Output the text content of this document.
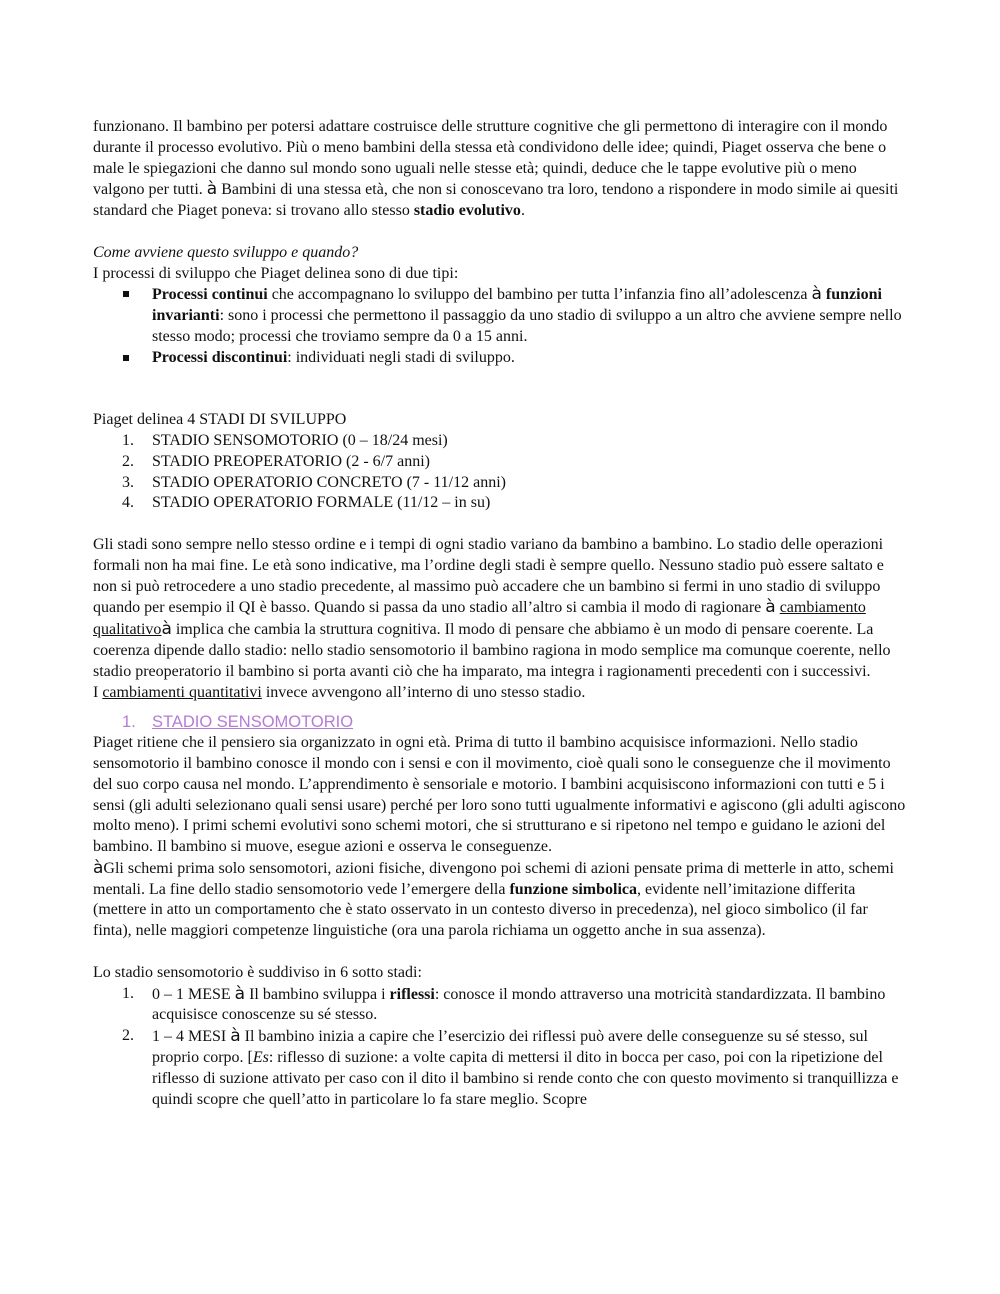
funzionano. Il bambino per potersi adattare costruisce delle strutture cognitive che gli permettono di interagire con il mondo durante il processo evolutivo. Più o meno bambini della stessa età condividono delle idee; quindi, Piaget osserva che bene o male le spiegazioni che danno sul mondo sono uguali nelle stesse età; quindi, deduce che le tappe evolutive più o meno valgono per tutti. à Bambini di una stessa età, che non si conoscevano tra loro, tendono a rispondere in modo simile ai quesiti standard che Piaget poneva: si trovano allo stesso stadio evolutivo.

Come avviene questo sviluppo e quando?

I processi di sviluppo che Piaget delinea sono di due tipi:

Processi continui che accompagnano lo sviluppo del bambino per tutta l’infanzia fino all’adolescenza à funzioni invarianti: sono i processi che permettono il passaggio da uno stadio di sviluppo a un altro che avviene sempre nello stesso modo; processi che troviamo sempre da 0 a 15 anni.
Processi discontinui: individuati negli stadi di sviluppo.

Piaget delinea 4 STADI DI SVILUPPO

1. STADIO SENSOMOTORIO (0 – 18/24 mesi)
2. STADIO PREOPERATORIO (2 - 6/7 anni)
3. STADIO OPERATORIO CONCRETO (7 - 11/12 anni)
4. STADIO OPERATORIO FORMALE (11/12 – in su)

Gli stadi sono sempre nello stesso ordine e i tempi di ogni stadio variano da bambino a bambino. Lo stadio delle operazioni formali non ha mai fine. Le età sono indicative, ma l’ordine degli stadi è sempre quello. Nessuno stadio può essere saltato e non si può retrocedere a uno stadio precedente, al massimo può accadere che un bambino si fermi in uno stadio di sviluppo quando per esempio il QI è basso. Quando si passa da uno stadio all’altro si cambia il modo di ragionare à cambiamento qualitativoà implica che cambia la struttura cognitiva. Il modo di pensare che abbiamo è un modo di pensare coerente. La coerenza dipende dallo stadio: nello stadio sensomotorio il bambino ragiona in modo semplice ma comunque coerente, nello stadio preoperatorio il bambino si porta avanti ciò che ha imparato, ma integra i ragionamenti precedenti con i successivi.

I cambiamenti quantitativi invece avvengono all’interno di uno stesso stadio.

1. STADIO SENSOMOTORIO

Piaget ritiene che il pensiero sia organizzato in ogni età. Prima di tutto il bambino acquisisce informazioni. Nello stadio sensomotorio il bambino conosce il mondo con i sensi e con il movimento, cioè quali sono le conseguenze che il movimento del suo corpo causa nel mondo. L’apprendimento è sensoriale e motorio. I bambini acquisiscono informazioni con tutti e 5 i sensi (gli adulti selezionano quali sensi usare) perché per loro sono tutti ugualmente informativi e agiscono (gli adulti agiscono molto meno). I primi schemi evolutivi sono schemi motori, che si strutturano e si ripetono nel tempo e guidano le azioni del bambino. Il bambino si muove, esegue azioni e osserva le conseguenze.

àGli schemi prima solo sensomotori, azioni fisiche, divengono poi schemi di azioni pensate prima di metterle in atto, schemi mentali. La fine dello stadio sensomotorio vede l’emergere della funzione simbolica, evidente nell’imitazione differita (mettere in atto un comportamento che è stato osservato in un contesto diverso in precedenza), nel gioco simbolico (il far finta), nelle maggiori competenze linguistiche (ora una parola richiama un oggetto anche in sua assenza).

Lo stadio sensomotorio è suddiviso in 6 sotto stadi:

1. 0 – 1 MESE à Il bambino sviluppa i riflessi: conosce il mondo attraverso una motricità standardizzata. Il bambino acquisisce conoscenze su sé stesso.
2. 1 – 4 MESI à Il bambino inizia a capire che l’esercizio dei riflessi può avere delle conseguenze su sé stesso, sul proprio corpo. [Es: riflesso di suzione: a volte capita di mettersi il dito in bocca per caso, poi con la ripetizione del riflesso di suzione attivato per caso con il dito il bambino si rende conto che con questo movimento si tranquillizza e quindi scopre che quell’atto in particolare lo fa stare meglio. Scopre
